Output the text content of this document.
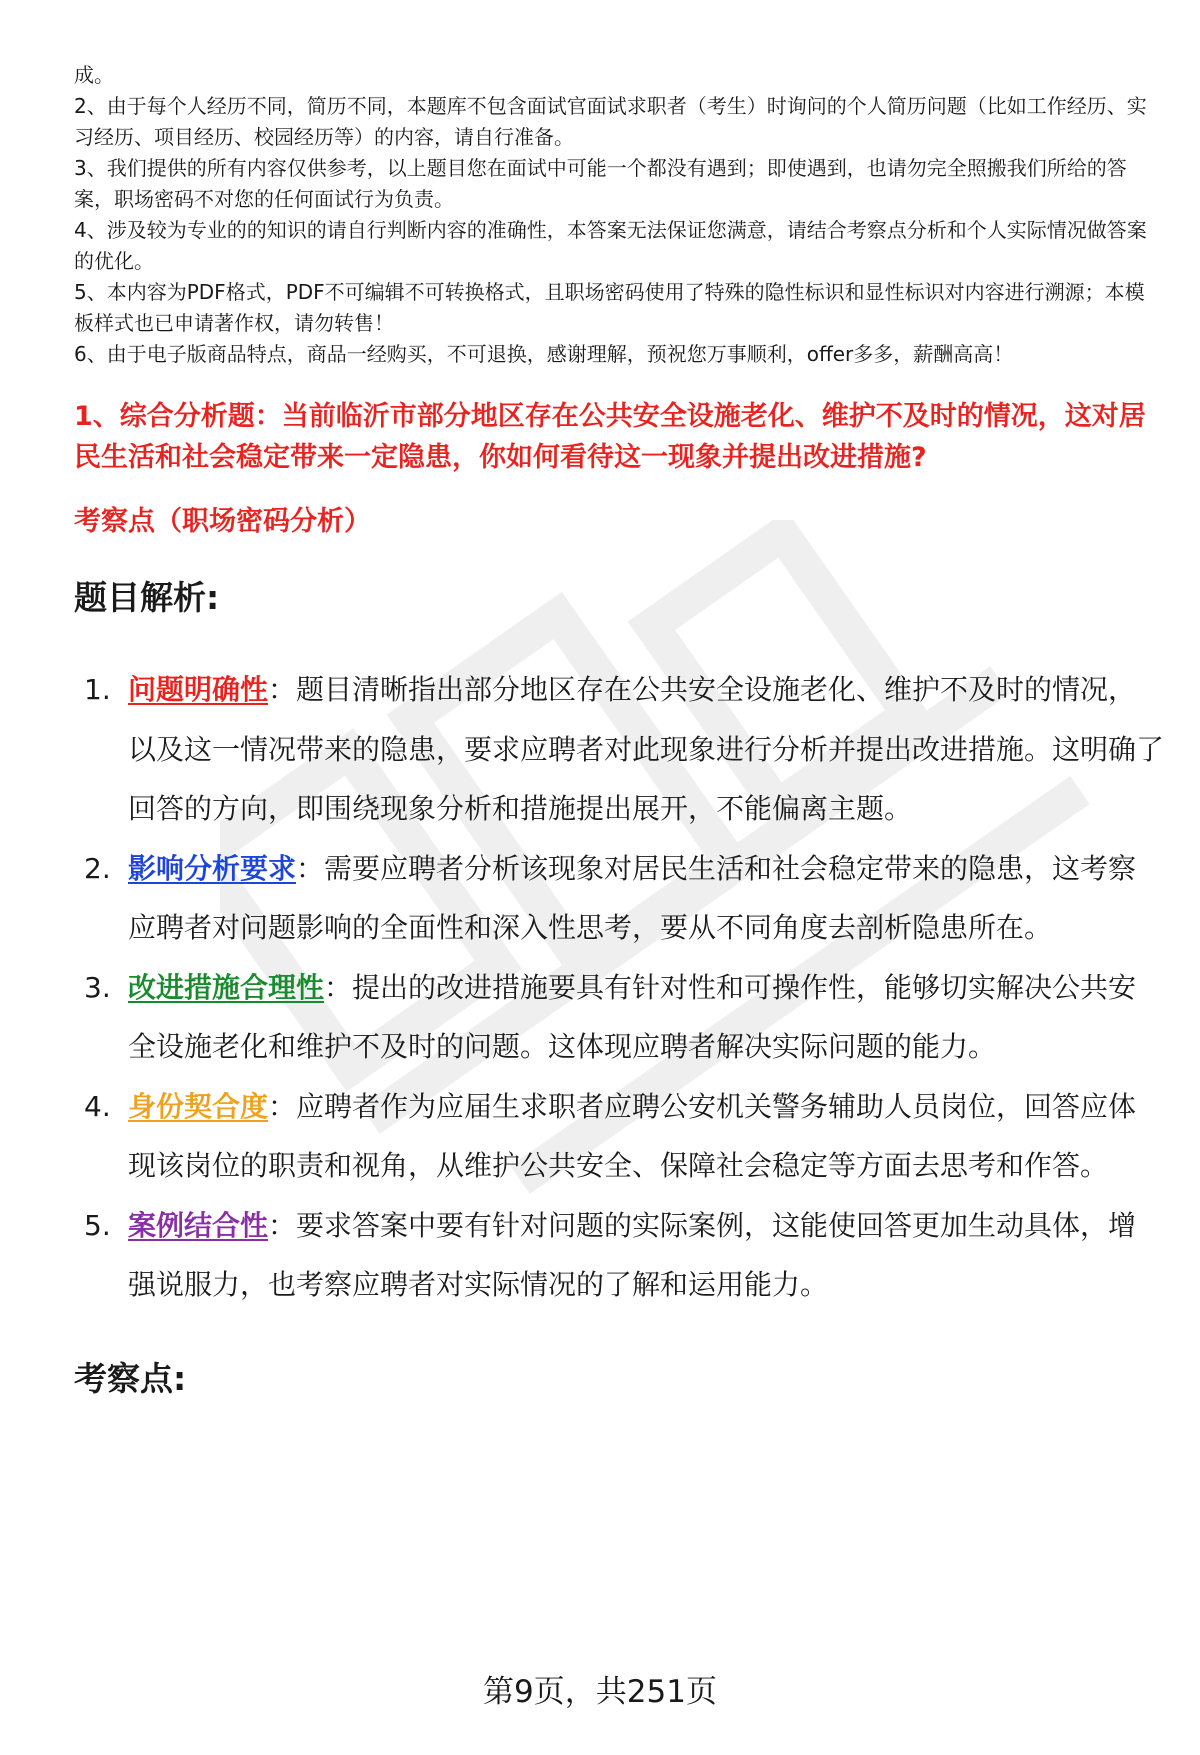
成。

2、由于每个人经历不同，简历不同，本题库不包含面试官面试求职者（考生）时询问的个人简历问题（比如工作经历、实习经历、项目经历、校园经历等）的内容，请自行准备。

3、我们提供的所有内容仅供参考，以上题目您在面试中可能一个都没有遇到；即使遇到，也请勿完全照搬我们所给的答案，职场密码不对您的任何面试行为负责。

4、涉及较为专业的的知识的请自行判断内容的准确性，本答案无法保证您满意，请结合考察点分析和个人实际情况做答案的优化。

5、本内容为PDF格式，PDF不可编辑不可转换格式，且职场密码使用了特殊的隐性标识和显性标识对内容进行溯源；本模板样式也已申请著作权，请勿转售！

6、由于电子版商品特点，商品一经购买，不可退换，感谢理解，预祝您万事顺利，offer多多，薪酬高高！

1、综合分析题：当前临沂市部分地区存在公共安全设施老化、维护不及时的情况，这对居民生活和社会稳定带来一定隐患，你如何看待这一现象并提出改进措施?
考察点（职场密码分析）
题目解析:
1. 问题明确性：题目清晰指出部分地区存在公共安全设施老化、维护不及时的情况，以及这一情况带来的隐患，要求应聘者对此现象进行分析并提出改进措施。这明确了回答的方向，即围绕现象分析和措施提出展开，不能偏离主题。
2. 影响分析要求：需要应聘者分析该现象对居民生活和社会稳定带来的隐患，这考察应聘者对问题影响的全面性和深入性思考，要从不同角度去剖析隐患所在。
3. 改进措施合理性：提出的改进措施要具有针对性和可操作性，能够切实解决公共安全设施老化和维护不及时的问题。这体现应聘者解决实际问题的能力。
4. 身份契合度：应聘者作为应届生求职者应聘公安机关警务辅助人员岗位，回答应体现该岗位的职责和视角，从维护公共安全、保障社会稳定等方面去思考和作答。
5. 案例结合性：要求答案中要有针对问题的实际案例，这能使回答更加生动具体，增强说服力，也考察应聘者对实际情况的了解和运用能力。
考察点:
第9页，共251页
